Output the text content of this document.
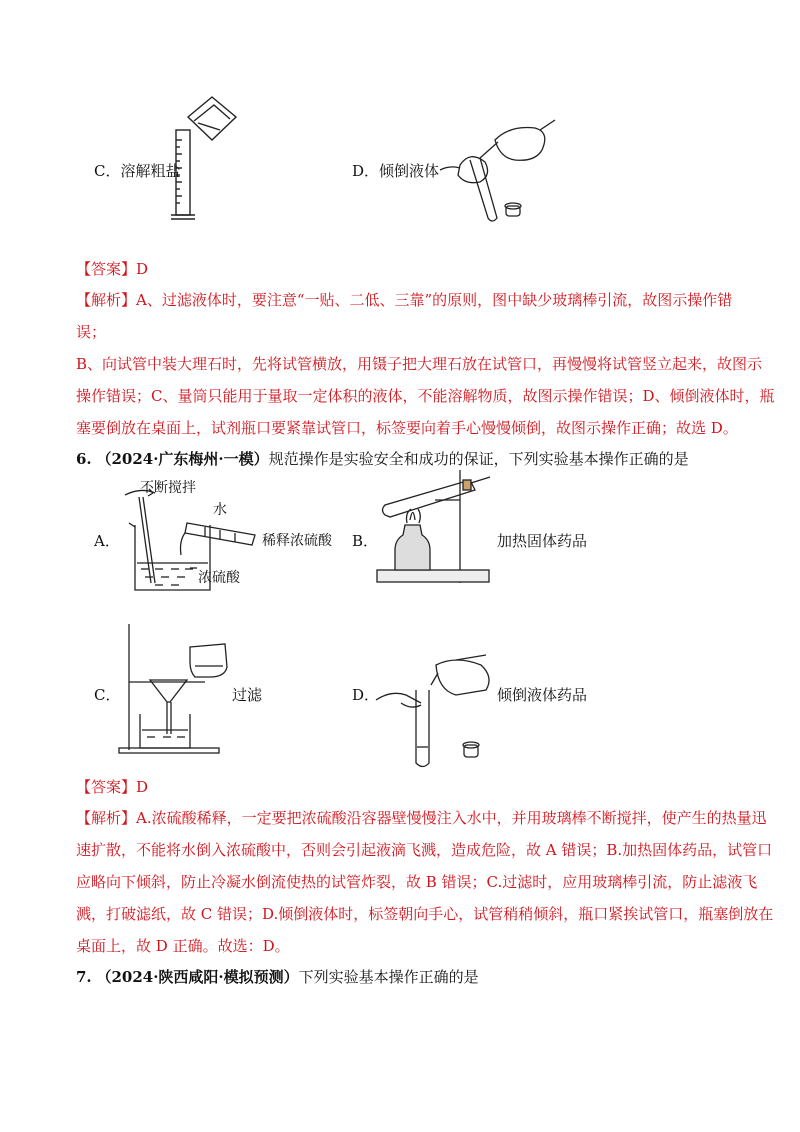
C．溶解粗盐	D．倾倒液体
【答案】D
【解析】A、过滤液体时，要注意“一贴、二低、三靠”的原则，图中缺少玻璃棒引流，故图示操作错
误；
B、向试管中装大理石时，先将试管横放，用镊子把大理石放在试管口，再慢慢将试管竖立起来，故图示
操作错误；C、量筒只能用于量取一定体积的液体，不能溶解物质，故图示操作错误；D、倾倒液体时，瓶
塞要倒放在桌面上，试剂瓶口要紧靠试管口，标签要向着手心慢慢倾倒，故图示操作正确；故选 D。
6. （2024·广东梅州·一模）规范操作是实验安全和成功的保证，下列实验基本操作正确的是
A．
不断搅拌
水
稀释浓硫酸
浓硫酸
B．	加热固体药品
C．	过滤	D．	倾倒液体药品
【答案】D
【解析】A.浓硫酸稀释，一定要把浓硫酸沿容器壁慢慢注入水中，并用玻璃棒不断搅拌，使产生的热量迅
速扩散，不能将水倒入浓硫酸中，否则会引起液滴飞溅，造成危险，故 A 错误；B.加热固体药品，试管口
应略向下倾斜，防止冷凝水倒流使热的试管炸裂，故 B 错误；C.过滤时，应用玻璃棒引流，防止滤液飞
溅，打破滤纸，故 C 错误；D.倾倒液体时，标签朝向手心，试管稍稍倾斜，瓶口紧挨试管口，瓶塞倒放在
桌面上，故 D 正确。故选：D。
7. （2024·陕西咸阳·模拟预测）下列实验基本操作正确的是
